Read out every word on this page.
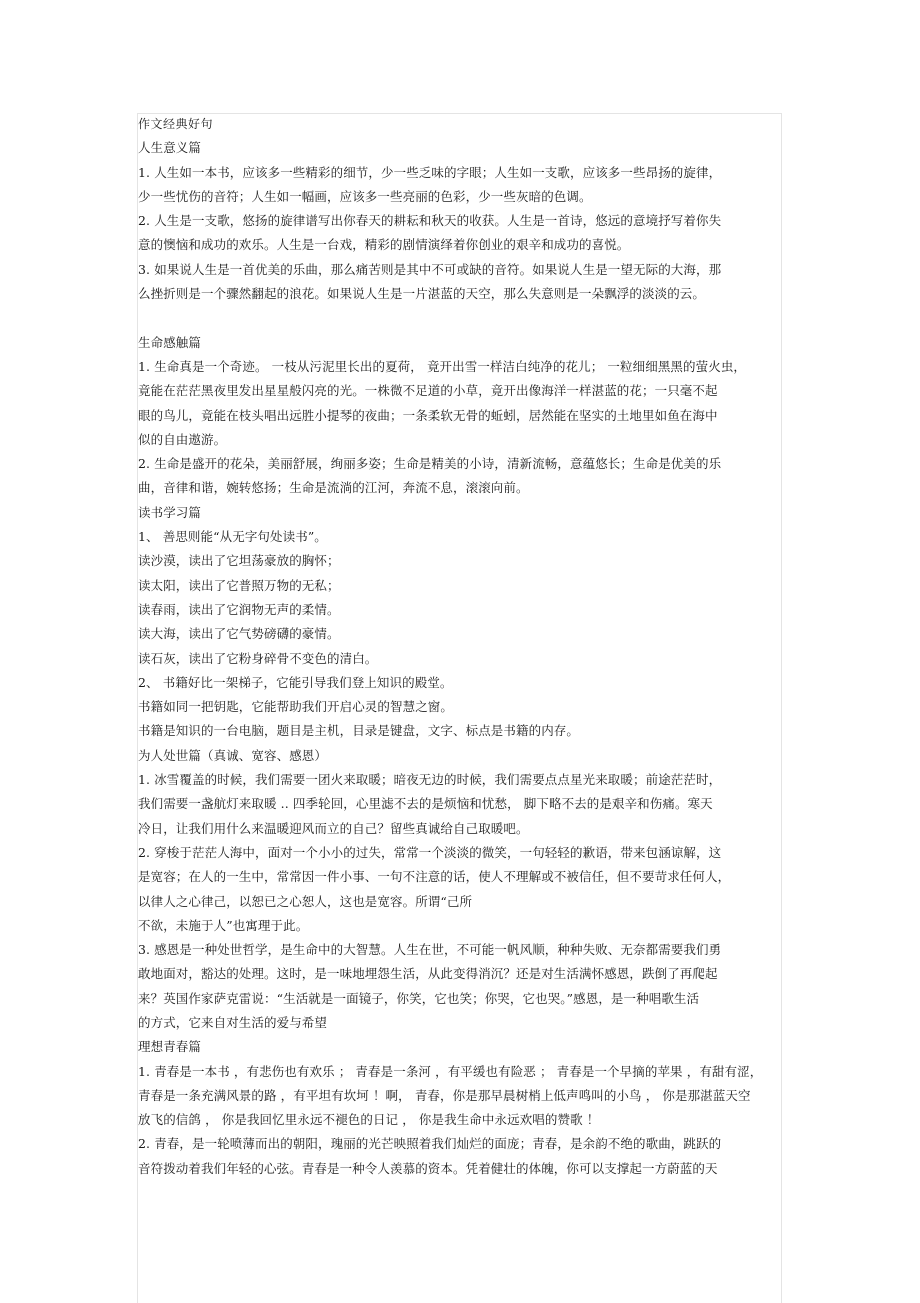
作文经典好句
人生意义篇
1. 人生如一本书，应该多一些精彩的细节，少一些乏味的字眼；人生如一支歌，应该多一些昂扬的旋律，
少一些忧伤的音符；人生如一幅画，应该多一些亮丽的色彩，少一些灰暗的色调。
2. 人生是一支歌，悠扬的旋律谱写出你春天的耕耘和秋天的收获。人生是一首诗，悠远的意境抒写着你失
意的懊恼和成功的欢乐。人生是一台戏，精彩的剧情演绎着你创业的艰辛和成功的喜悦。
3. 如果说人生是一首优美的乐曲，那么痛苦则是其中不可或缺的音符。如果说人生是一望无际的大海，那
么挫折则是一个骤然翻起的浪花。如果说人生是一片湛蓝的天空，那么失意则是一朵飘浮的淡淡的云。
生命感触篇
1. 生命真是一个奇迹。 一枝从污泥里长出的夏荷， 竟开出雪一样洁白纯净的花儿； 一粒细细黑黑的萤火虫，
竟能在茫茫黑夜里发出星星般闪亮的光。一株微不足道的小草，竟开出像海洋一样湛蓝的花；一只毫不起
眼的鸟儿，竟能在枝头唱出远胜小提琴的夜曲；一条柔软无骨的蚯蚓，居然能在坚实的土地里如鱼在海中
似的自由遨游。
2. 生命是盛开的花朵，美丽舒展，绚丽多姿；生命是精美的小诗，清新流畅，意蕴悠长；生命是优美的乐
曲，音律和谐，婉转悠扬；生命是流淌的江河，奔流不息，滚滚向前。
读书学习篇
1、 善思则能“从无字句处读书”。
读沙漠，读出了它坦荡豪放的胸怀；
读太阳，读出了它普照万物的无私；
读春雨，读出了它润物无声的柔情。
读大海，读出了它气势磅礴的豪情。
读石灰，读出了它粉身碎骨不变色的清白。
2、 书籍好比一架梯子，它能引导我们登上知识的殿堂。
书籍如同一把钥匙，它能帮助我们开启心灵的智慧之窗。
书籍是知识的一台电脑，题目是主机，目录是键盘，文字、标点是书籍的内存。
为人处世篇（真诚、宽容、感恩）
1. 冰雪覆盖的时候，我们需要一团火来取暖；暗夜无边的时候，我们需要点点星光来取暖；前途茫茫时，
我们需要一盏航灯来取暖 .. 四季轮回，心里滤不去的是烦恼和忧愁， 脚下略不去的是艰辛和伤痛。寒天
冷日，让我们用什么来温暖迎风而立的自己？留些真诚给自己取暖吧。
2. 穿梭于茫茫人海中，面对一个小小的过失，常常一个淡淡的微笑，一句轻轻的歉语，带来包涵谅解，这
是宽容；在人的一生中，常常因一件小事、一句不注意的话，使人不理解或不被信任，但不要苛求任何人，
以律人之心律己，以恕已之心恕人，这也是宽容。所谓“己所
不欲，未施于人”也寓理于此。
3. 感恩是一种处世哲学，是生命中的大智慧。人生在世，不可能一帆风顺，种种失败、无奈都需要我们勇
敢地面对，豁达的处理。这时，是一味地埋怨生活，从此变得消沉？还是对生活满怀感恩，跌倒了再爬起
来？英国作家萨克雷说：“生活就是一面镜子，你笑，它也笑；你哭，它也哭。”感恩，是一种唱歌生活
的方式，它来自对生活的爱与希望
理想青春篇
1. 青春是一本书 ，有悲伤也有欢乐 ； 青春是一条河 ，有平缓也有险恶 ； 青春是一个早摘的苹果 ，有甜有涩，
青春是一条充满风景的路 ，有平坦有坎坷 ！啊， 青春，你是那早晨树梢上低声鸣叫的小鸟 ， 你是那湛蓝天空
放飞的信鸽 ， 你是我回忆里永远不褪色的日记 ， 你是我生命中永远欢唱的赞歌 ！
2. 青春，是一轮喷薄而出的朝阳，瑰丽的光芒映照着我们灿烂的面庞；青春，是余韵不绝的歌曲，跳跃的
音符拨动着我们年轻的心弦。青春是一种令人羡慕的资本。凭着健壮的体魄，你可以支撑起一方蔚蓝的天
